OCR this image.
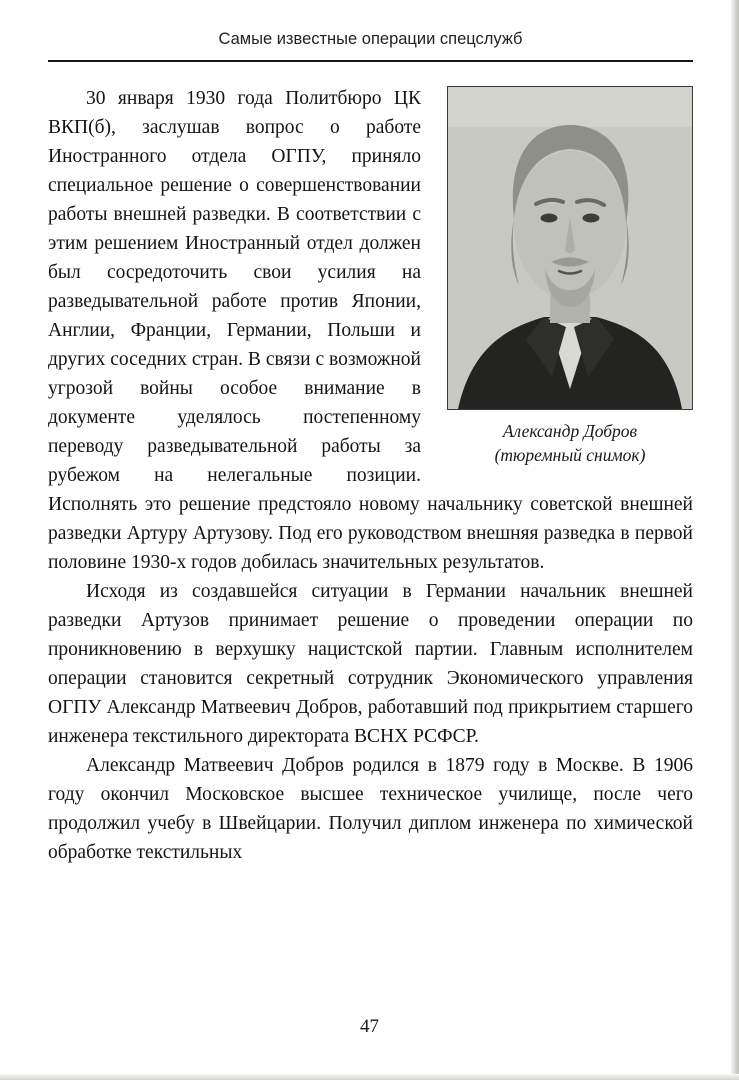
Самые известные операции спецслужб
Александр Добров
(тюремный снимок)

30 января 1930 года Политбюро ЦК ВКП(б), заслушав вопрос о работе Иностранного отдела ОГПУ, приняло специальное решение о совершенствовании работы внешней разведки. В соответствии с этим решением Иностранный отдел должен был сосредоточить свои усилия на разведывательной работе против Японии, Англии, Франции, Германии, Польши и других соседних стран. В связи с возможной угрозой войны особое внимание в документе уделялось постепенному переводу разведывательной работы за рубежом на нелегальные позиции. Исполнять это решение предстояло новому начальнику советской внешней разведки Артуру Артузову. Под его руководством внешняя разведка в первой половине 1930-х годов добилась значительных результатов.

Исходя из создавшейся ситуации в Германии начальник внешней разведки Артузов принимает решение о проведении операции по проникновению в верхушку нацистской партии. Главным исполнителем операции становится секретный сотрудник Экономического управления ОГПУ Александр Матвеевич Добров, работавший под прикрытием старшего инженера текстильного директората ВСНХ РСФСР.

Александр Матвеевич Добров родился в 1879 году в Москве. В 1906 году окончил Московское высшее техническое училище, после чего продолжил учебу в Швейцарии. Получил диплом инженера по химической обработке текстильных

47
